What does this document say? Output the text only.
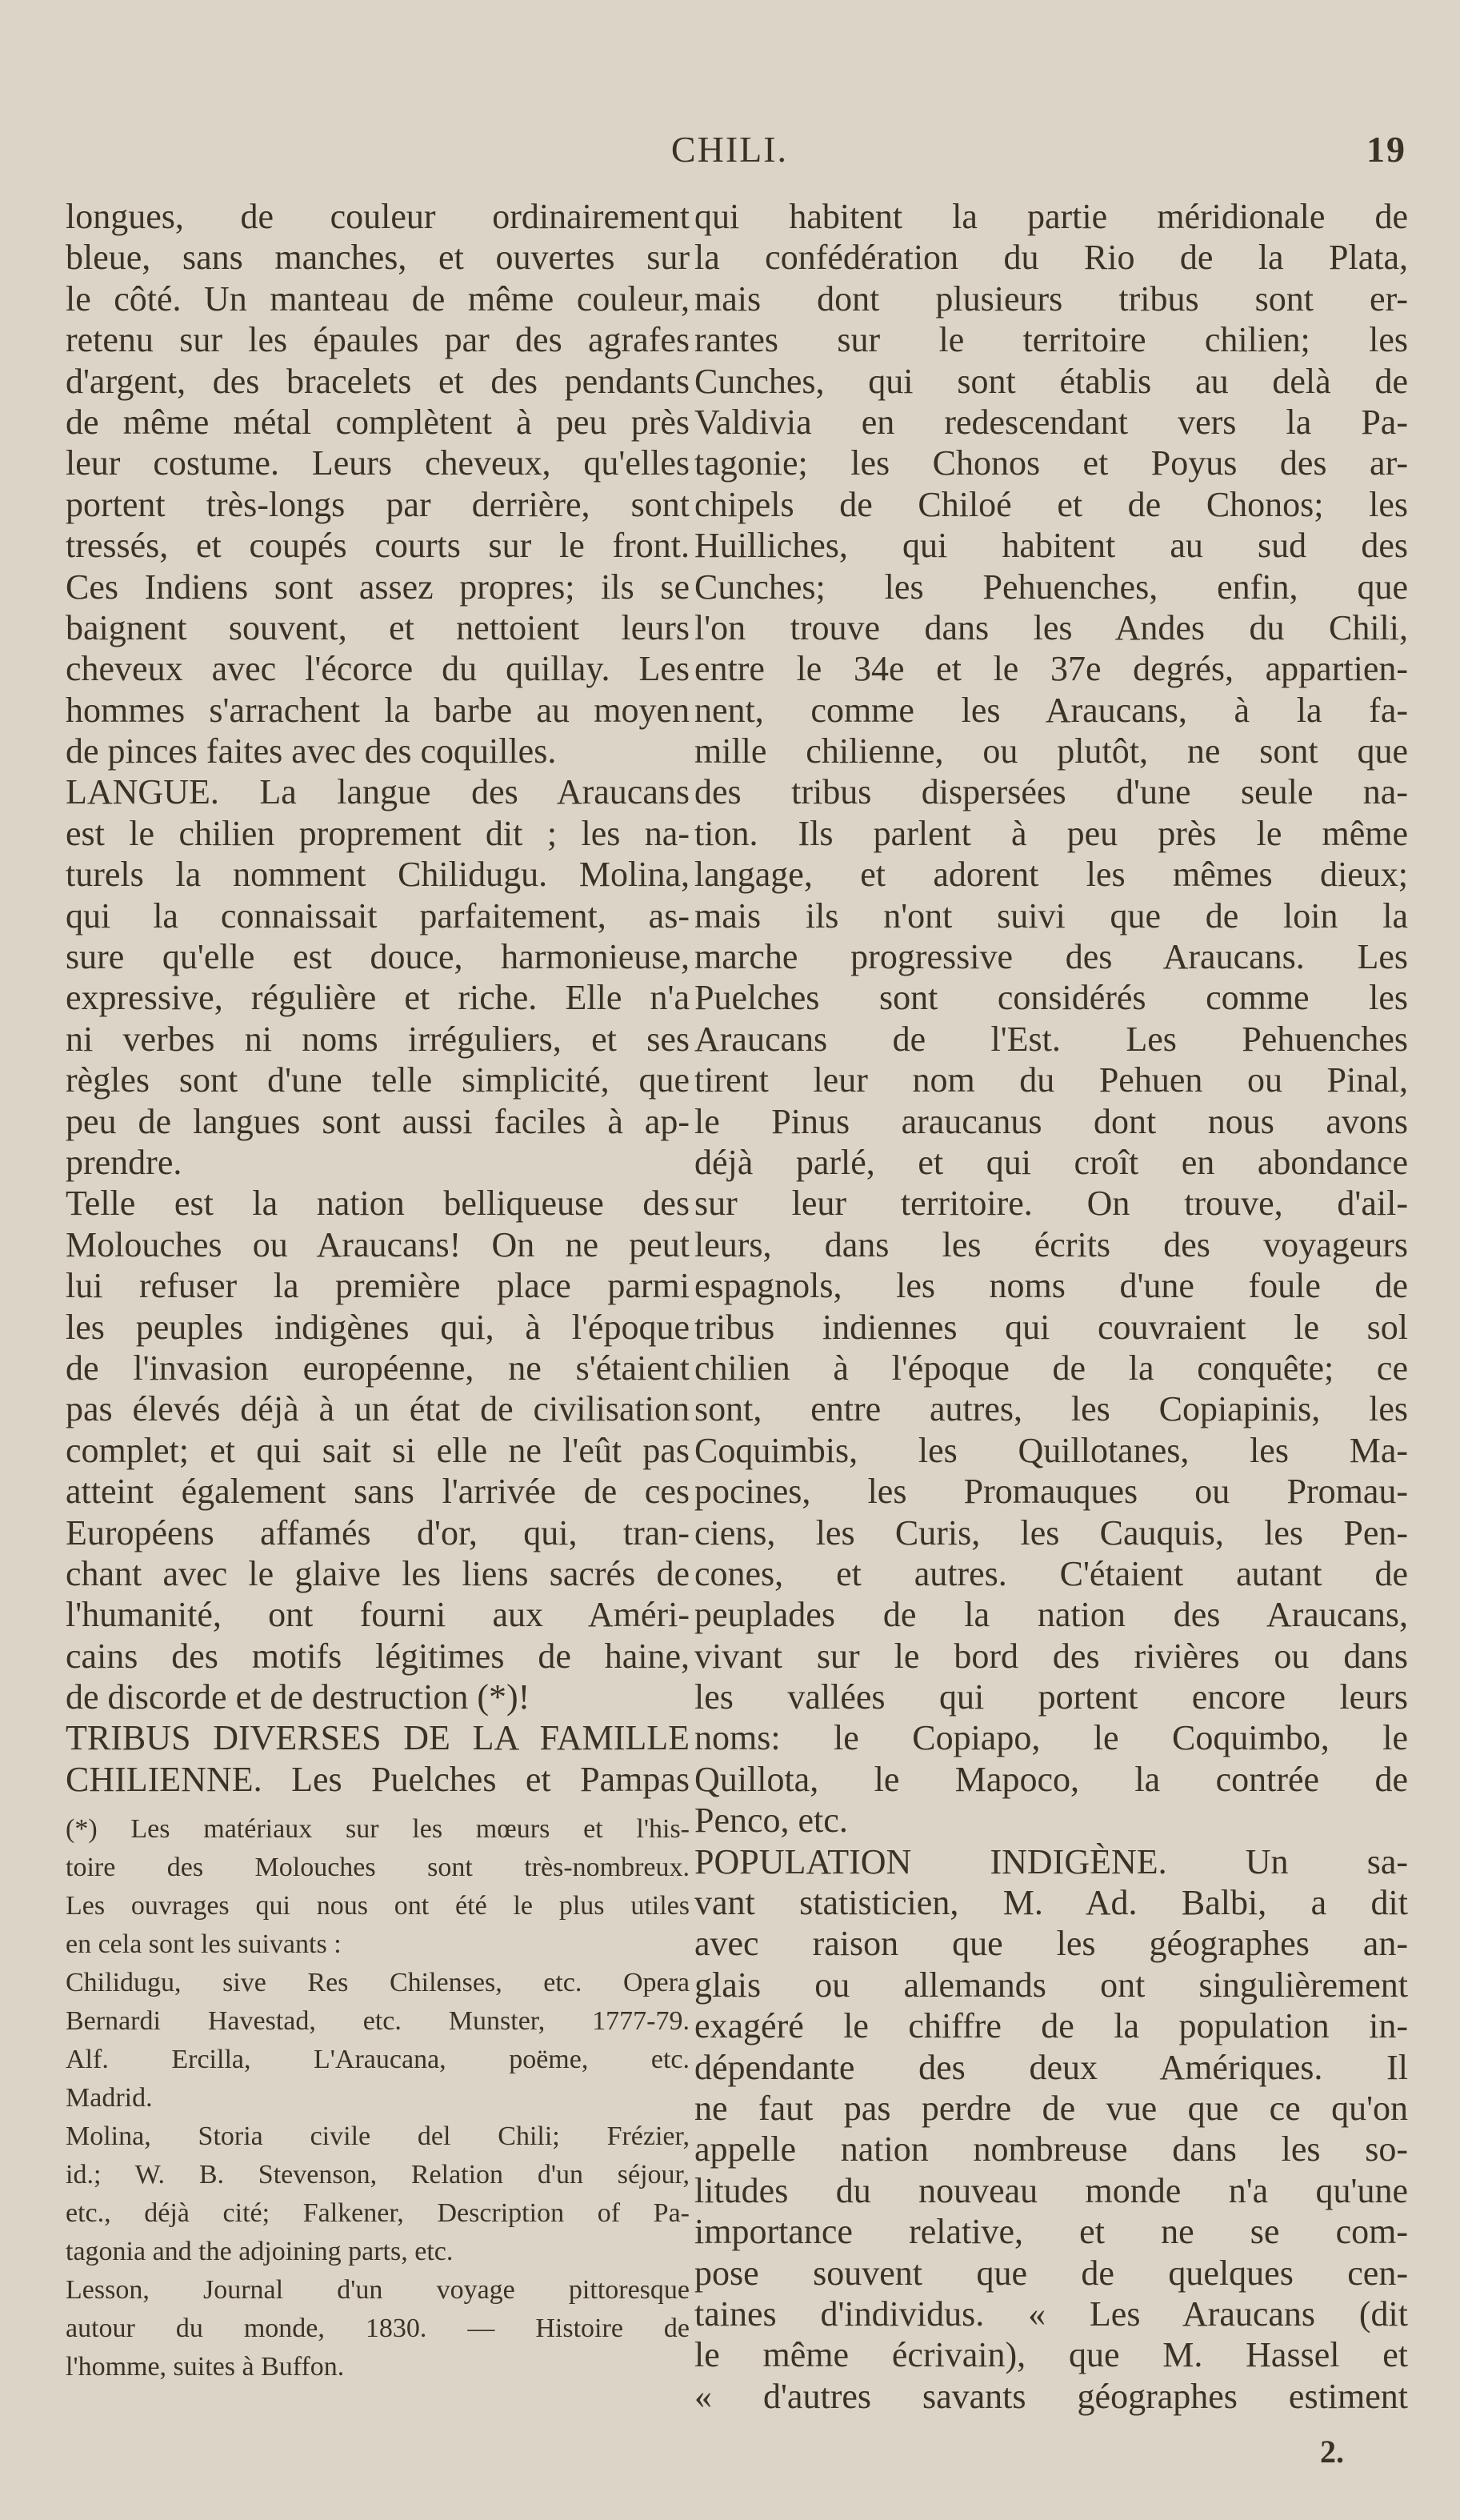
CHILI.	19
longues, de couleur ordinairement
bleue, sans manches, et ouvertes sur
le côté. Un manteau de même couleur,
retenu sur les épaules par des agrafes
d'argent, des bracelets et des pendants
de même métal complètent à peu près
leur costume. Leurs cheveux, qu'elles
portent très-longs par derrière, sont
tressés, et coupés courts sur le front.
Ces Indiens sont assez propres; ils se
baignent souvent, et nettoient leurs
cheveux avec l'écorce du quillay. Les
hommes s'arrachent la barbe au moyen
de pinces faites avec des coquilles.
LANGUE. La langue des Araucans
est le chilien proprement dit ; les na-
turels la nomment Chilidugu. Molina,
qui la connaissait parfaitement, as-
sure qu'elle est douce, harmonieuse,
expressive, régulière et riche. Elle n'a
ni verbes ni noms irréguliers, et ses
règles sont d'une telle simplicité, que
peu de langues sont aussi faciles à ap-
prendre.
Telle est la nation belliqueuse des
Molouches ou Araucans! On ne peut
lui refuser la première place parmi
les peuples indigènes qui, à l'époque
de l'invasion européenne, ne s'étaient
pas élevés déjà à un état de civilisation
complet; et qui sait si elle ne l'eût pas
atteint également sans l'arrivée de ces
Européens affamés d'or, qui, tran-
chant avec le glaive les liens sacrés de
l'humanité, ont fourni aux Améri-
cains des motifs légitimes de haine,
de discorde et de destruction (*)!
TRIBUS DIVERSES DE LA FAMILLE
CHILIENNE. Les Puelches et Pampas
(*) Les matériaux sur les mœurs et l'his-
toire des Molouches sont très-nombreux.
Les ouvrages qui nous ont été le plus utiles
en cela sont les suivants :
Chilidugu, sive Res Chilenses, etc. Opera
Bernardi Havestad, etc. Munster, 1777-79.
Alf. Ercilla, L'Araucana, poëme, etc.
Madrid.
Molina, Storia civile del Chili; Frézier,
id.; W. B. Stevenson, Relation d'un séjour,
etc., déjà cité; Falkener, Description of Pa-
tagonia and the adjoining parts, etc.
Lesson, Journal d'un voyage pittoresque
autour du monde, 1830. — Histoire de
l'homme, suites à Buffon.
qui habitent la partie méridionale de
la confédération du Rio de la Plata,
mais dont plusieurs tribus sont er-
rantes sur le territoire chilien; les
Cunches, qui sont établis au delà de
Valdivia en redescendant vers la Pa-
tagonie; les Chonos et Poyus des ar-
chipels de Chiloé et de Chonos; les
Huilliches, qui habitent au sud des
Cunches; les Pehuenches, enfin, que
l'on trouve dans les Andes du Chili,
entre le 34e et le 37e degrés, appartien-
nent, comme les Araucans, à la fa-
mille chilienne, ou plutôt, ne sont que
des tribus dispersées d'une seule na-
tion. Ils parlent à peu près le même
langage, et adorent les mêmes dieux;
mais ils n'ont suivi que de loin la
marche progressive des Araucans. Les
Puelches sont considérés comme les
Araucans de l'Est. Les Pehuenches
tirent leur nom du Pehuen ou Pinal,
le Pinus araucanus dont nous avons
déjà parlé, et qui croît en abondance
sur leur territoire. On trouve, d'ail-
leurs, dans les écrits des voyageurs
espagnols, les noms d'une foule de
tribus indiennes qui couvraient le sol
chilien à l'époque de la conquête; ce
sont, entre autres, les Copiapinis, les
Coquimbis, les Quillotanes, les Ma-
pocines, les Promauques ou Promau-
ciens, les Curis, les Cauquis, les Pen-
cones, et autres. C'étaient autant de
peuplades de la nation des Araucans,
vivant sur le bord des rivières ou dans
les vallées qui portent encore leurs
noms: le Copiapo, le Coquimbo, le
Quillota, le Mapoco, la contrée de
Penco, etc.
POPULATION INDIGÈNE. Un sa-
vant statisticien, M. Ad. Balbi, a dit
avec raison que les géographes an-
glais ou allemands ont singulièrement
exagéré le chiffre de la population in-
dépendante des deux Amériques. Il
ne faut pas perdre de vue que ce qu'on
appelle nation nombreuse dans les so-
litudes du nouveau monde n'a qu'une
importance relative, et ne se com-
pose souvent que de quelques cen-
taines d'individus. « Les Araucans (dit
le même écrivain), que M. Hassel et
« d'autres savants géographes estiment
2.
